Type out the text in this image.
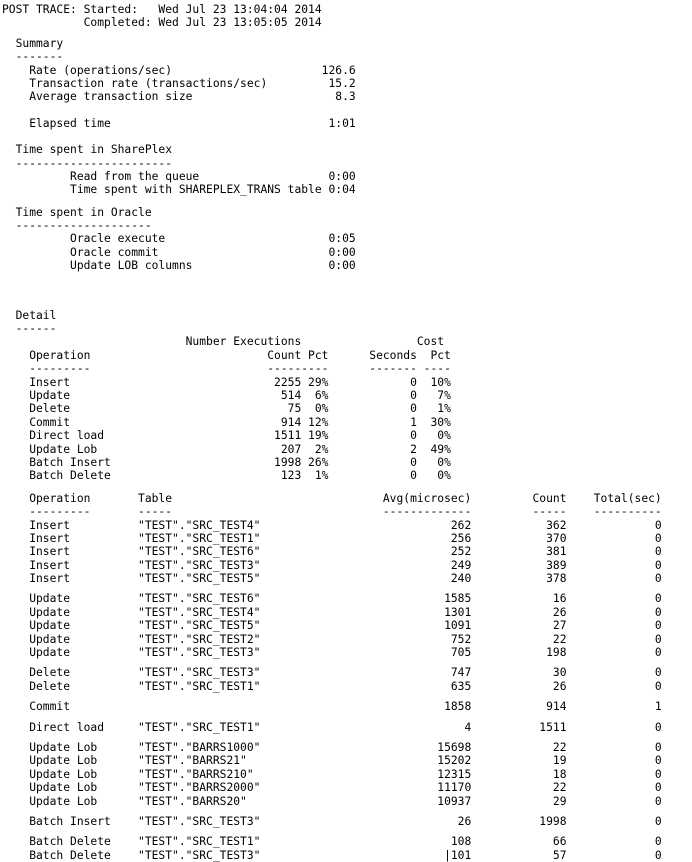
POST TRACE: Started:   Wed Jul 23 13:04:04 2014
Completed: Wed Jul 23 13:05:05 2014
Summary
-------
Rate (operations/sec)                      126.6
Transaction rate (transactions/sec)         15.2
Average transaction size                     8.3
Elapsed time                                1:01
Time spent in SharePlex
-----------------------
Read from the queue                   0:00
Time spent with SHAREPLEX_TRANS table 0:04
Time spent in Oracle
--------------------
Oracle execute                        0:05
Oracle commit                         0:00
Update LOB columns                    0:00
Detail
------
Number Executions                 Cost
Operation                          Count Pct      Seconds  Pct
---------                          ---------      ------- ----
Insert                              2255 29%            0  10%
Update                               514  6%            0   7%
Delete                                75  0%            0   1%
Commit                               914 12%            1  30%
Direct load                         1511 19%            0   0%
Update Lob                           207  2%            2  49%
Batch Insert                        1998 26%            0   0%
Batch Delete                         123  1%            0   0%
Operation       Table                               Avg(microsec)         Count    Total(sec)
---------       -----                               -------------         -----    ----------
Insert          "TEST"."SRC_TEST4"                            262           362             0
Insert          "TEST"."SRC_TEST1"                            256           370             0
Insert          "TEST"."SRC_TEST6"                            252           381             0
Insert          "TEST"."SRC_TEST3"                            249           389             0
Insert          "TEST"."SRC_TEST5"                            240           378             0
Update          "TEST"."SRC_TEST6"                           1585            16             0
Update          "TEST"."SRC_TEST4"                           1301            26             0
Update          "TEST"."SRC_TEST5"                           1091            27             0
Update          "TEST"."SRC_TEST2"                            752            22             0
Update          "TEST"."SRC_TEST3"                            705           198             0
Delete          "TEST"."SRC_TEST3"                            747            30             0
Delete          "TEST"."SRC_TEST1"                            635            26             0
Commit                                                       1858           914             1
Direct load     "TEST"."SRC_TEST1"                              4          1511             0
Update Lob      "TEST"."BARRS1000"                          15698            22             0
Update Lob      "TEST"."BARRS21"                            15202            19             0
Update Lob      "TEST"."BARRS210"                           12315            18             0
Update Lob      "TEST"."BARRS2000"                          11170            22             0
Update Lob      "TEST"."BARRS20"                            10937            29             0
Batch Insert    "TEST"."SRC_TEST3"                             26          1998             0
Batch Delete    "TEST"."SRC_TEST1"                            108            66             0
Batch Delete    "TEST"."SRC_TEST3"                           |101            57             0
